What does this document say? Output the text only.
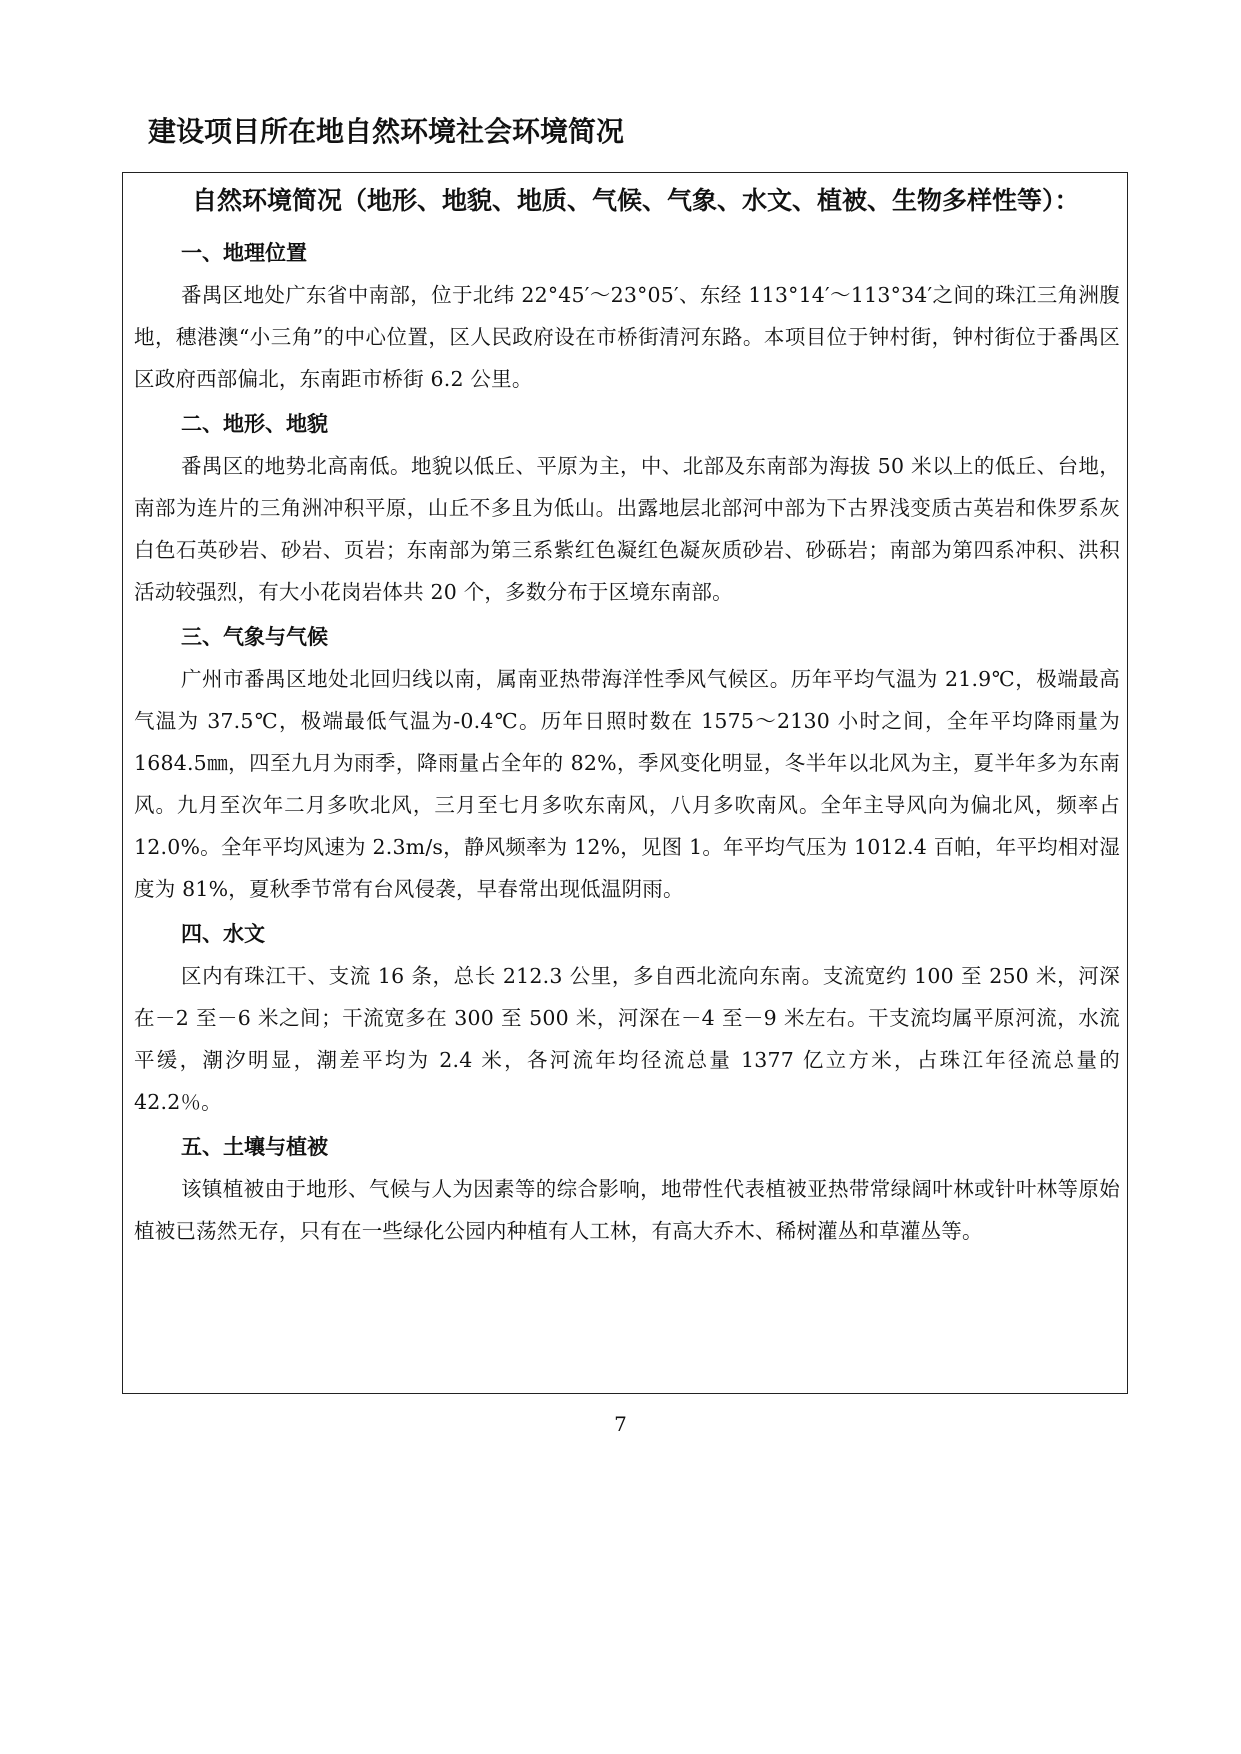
建设项目所在地自然环境社会环境简况

自然环境简况（地形、地貌、地质、气候、气象、水文、植被、生物多样性等）：

一、地理位置

番禺区地处广东省中南部，位于北纬 22°45′～23°05′、东经 113°14′～113°34′之间的珠江三角洲腹地，穗港澳“小三角”的中心位置，区人民政府设在市桥街清河东路。本项目位于钟村街，钟村街位于番禺区区政府西部偏北，东南距市桥街 6.2 公里。

二、地形、地貌

番禺区的地势北高南低。地貌以低丘、平原为主，中、北部及东南部为海拔 50 米以上的低丘、台地，南部为连片的三角洲冲积平原，山丘不多且为低山。出露地层北部河中部为下古界浅变质古英岩和侏罗系灰白色石英砂岩、砂岩、页岩；东南部为第三系紫红色凝红色凝灰质砂岩、砂砾岩；南部为第四系冲积、洪积活动较强烈，有大小花岗岩体共 20 个，多数分布于区境东南部。

三、气象与气候

广州市番禺区地处北回归线以南，属南亚热带海洋性季风气候区。历年平均气温为 21.9℃，极端最高气温为 37.5℃，极端最低气温为-0.4℃。历年日照时数在 1575～2130 小时之间，全年平均降雨量为 1684.5㎜，四至九月为雨季，降雨量占全年的 82%，季风变化明显，冬半年以北风为主，夏半年多为东南风。九月至次年二月多吹北风，三月至七月多吹东南风，八月多吹南风。全年主导风向为偏北风，频率占 12.0%。全年平均风速为 2.3m/s，静风频率为 12%，见图 1。年平均气压为 1012.4 百帕，年平均相对湿度为 81%，夏秋季节常有台风侵袭，早春常出现低温阴雨。

四、水文

区内有珠江干、支流 16 条，总长 212.3 公里，多自西北流向东南。支流宽约 100 至 250 米，河深在－2 至－6 米之间；干流宽多在 300 至 500 米，河深在－4 至－9 米左右。干支流均属平原河流，水流平缓，潮汐明显，潮差平均为 2.4 米，各河流年均径流总量 1377 亿立方米，占珠江年径流总量的 42.2％。

五、土壤与植被

该镇植被由于地形、气候与人为因素等的综合影响，地带性代表植被亚热带常绿阔叶林或针叶林等原始植被已荡然无存，只有在一些绿化公园内种植有人工林，有高大乔木、稀树灌丛和草灌丛等。

7
